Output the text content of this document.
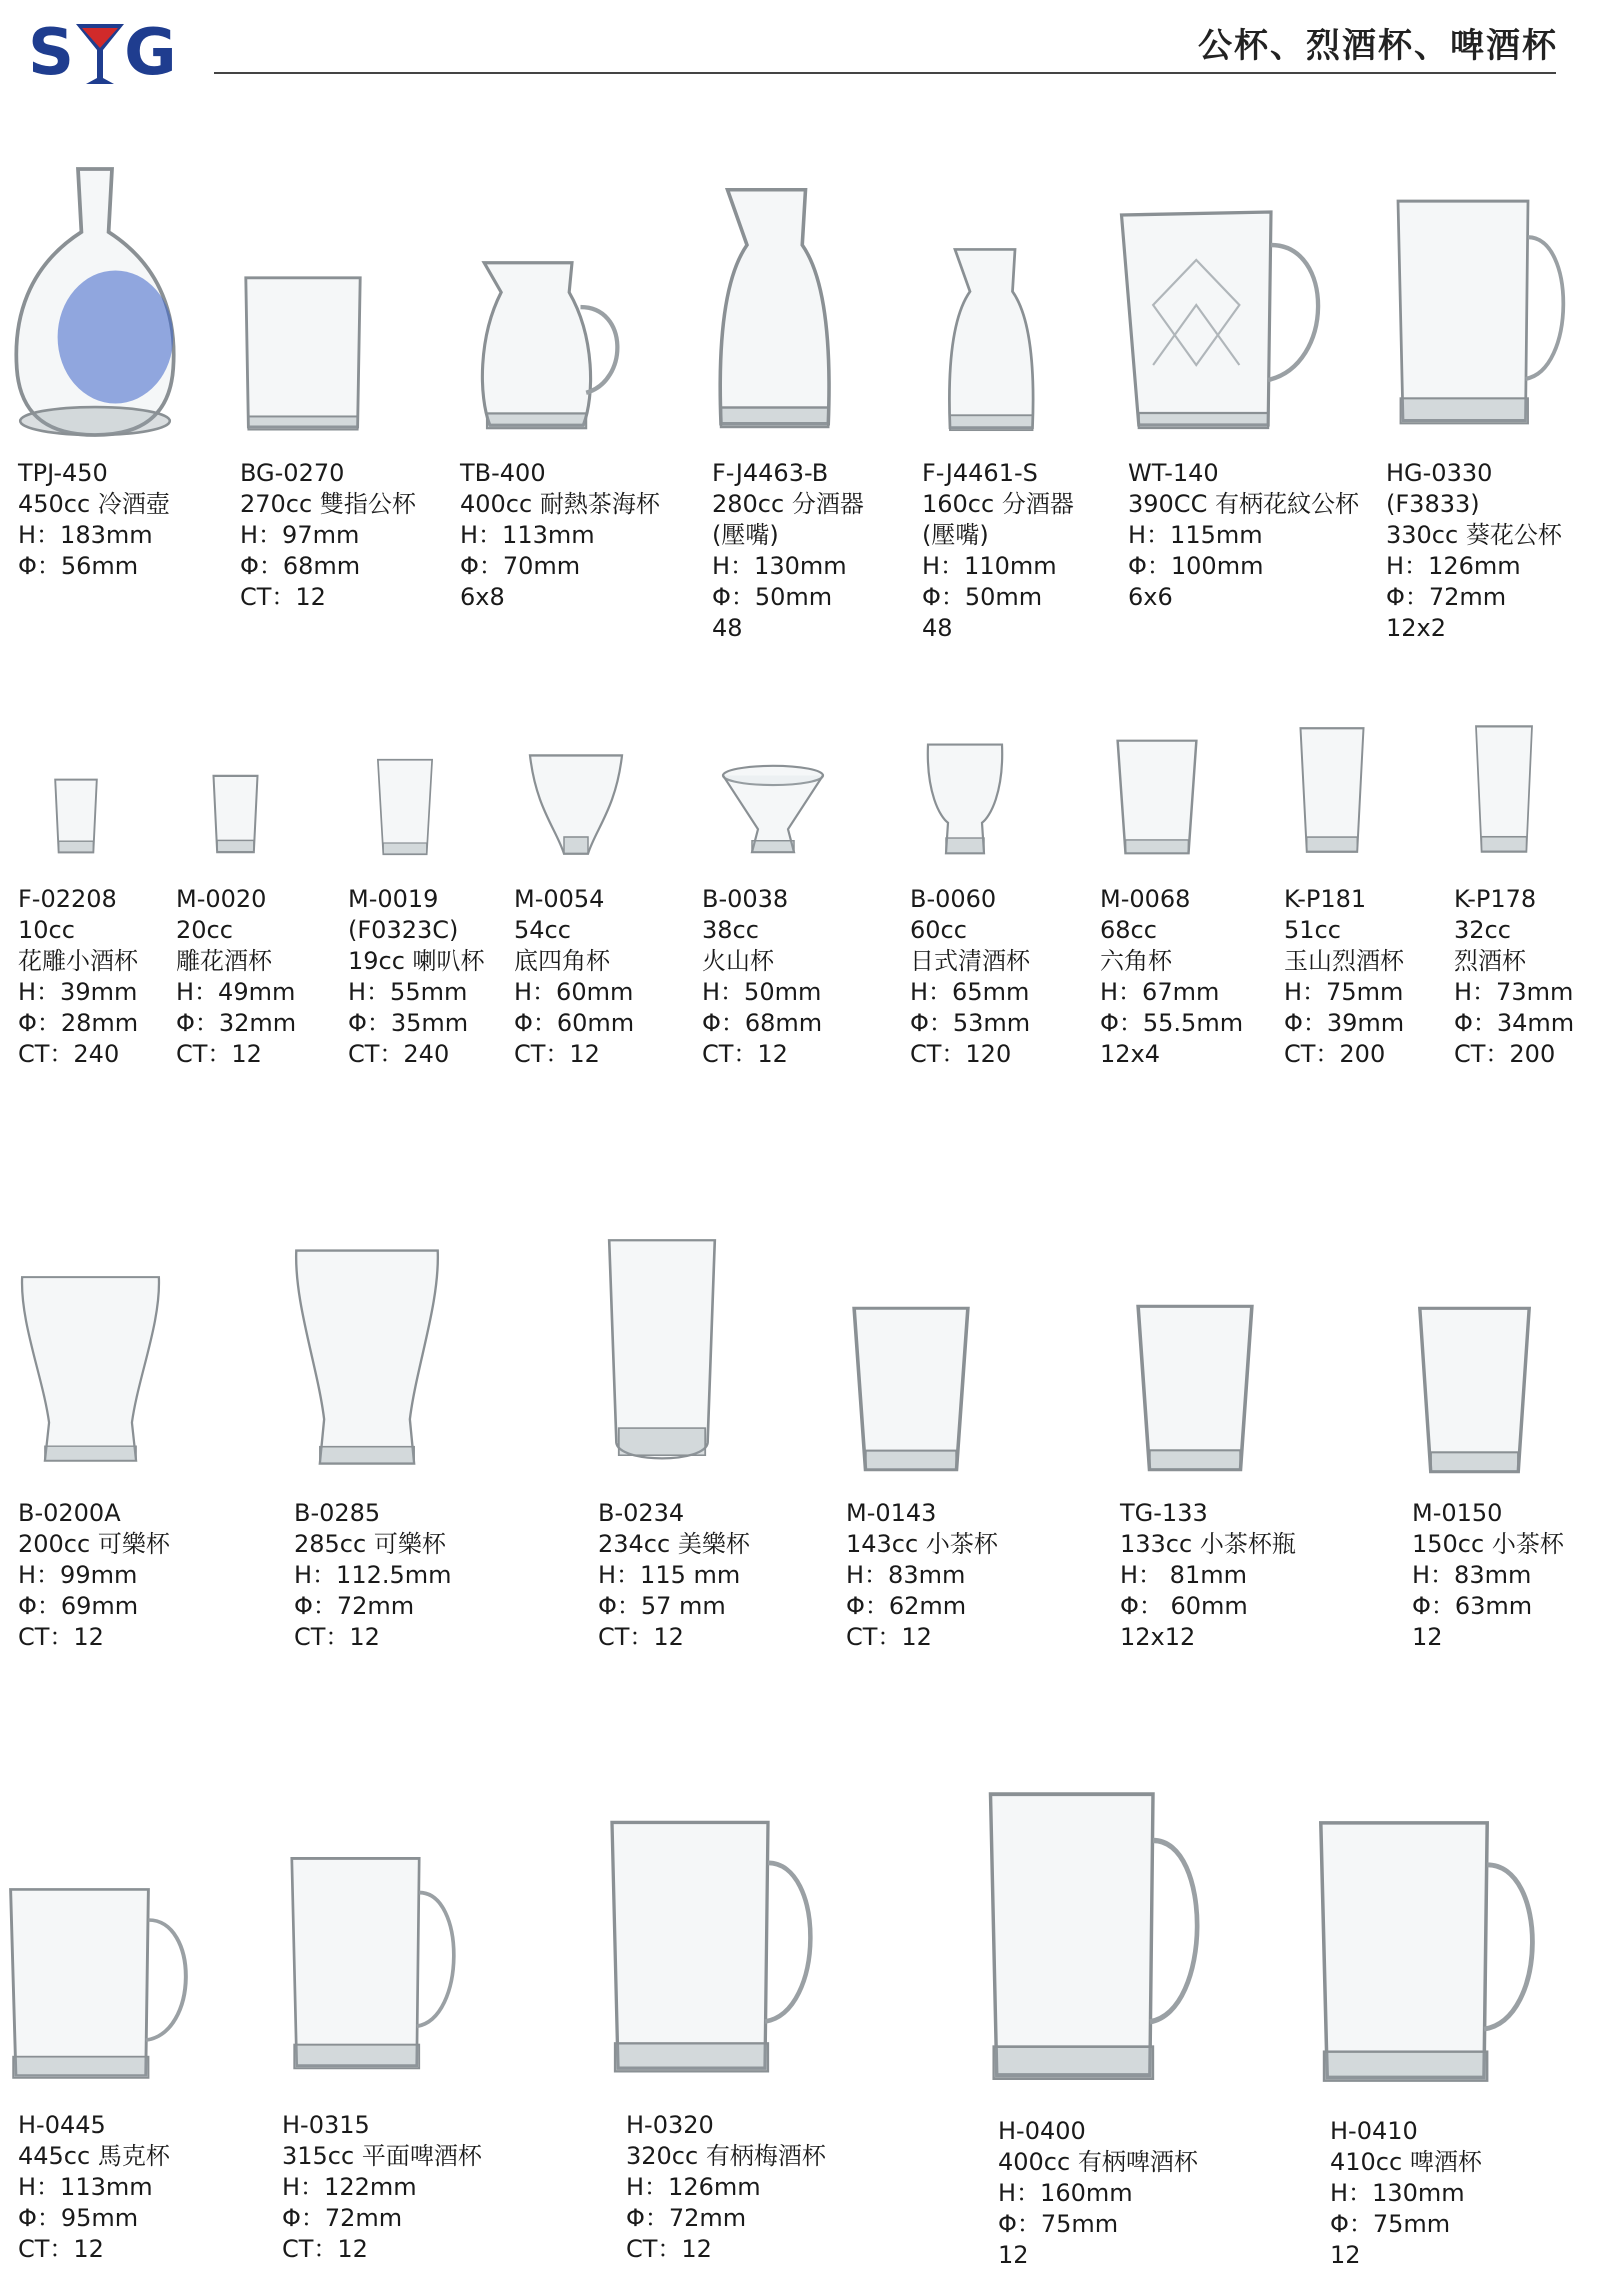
S G	公杯、烈酒杯、啤酒杯
TPJ-450
450cc 冷酒壺
H：183mm
Φ：56mm
BG-0270
270cc 雙指公杯
H：97mm
Φ：68mm
CT：12
TB-400
400cc 耐熱茶海杯
H：113mm
Φ：70mm
6x8
F-J4463-B
280cc 分酒器
(壓嘴)
H：130mm
Φ：50mm
48
F-J4461-S
160cc 分酒器
(壓嘴)
H：110mm
Φ：50mm
48
WT-140
390CC 有柄花紋公杯
H：115mm
Φ：100mm
6x6
HG-0330
(F3833)
330cc 葵花公杯
H：126mm
Φ：72mm
12x2
F-02208
10cc
花雕小酒杯
H：39mm
Φ：28mm
CT：240
M-0020
20cc
雕花酒杯
H：49mm
Φ：32mm
CT：12
M-0019
(F0323C)
19cc 喇叭杯
H：55mm
Φ：35mm
CT：240
M-0054
54cc
底四角杯
H：60mm
Φ：60mm
CT：12
B-0038
38cc
火山杯
H：50mm
Φ：68mm
CT：12
B-0060
60cc
日式清酒杯
H：65mm
Φ：53mm
CT：120
M-0068
68cc
六角杯
H：67mm
Φ：55.5mm
12x4
K-P181
51cc
玉山烈酒杯
H：75mm
Φ：39mm
CT：200
K-P178
32cc
烈酒杯
H：73mm
Φ：34mm
CT：200
B-0200A
200cc 可樂杯
H：99mm
Φ：69mm
CT：12
B-0285
285cc 可樂杯
H：112.5mm
Φ：72mm
CT：12
B-0234
234cc 美樂杯
H：115 mm
Φ：57 mm
CT：12
M-0143
143cc 小茶杯
H：83mm
Φ：62mm
CT：12
TG-133
133cc 小茶杯瓶
H： 81mm
Φ： 60mm
12x12
M-0150
150cc 小茶杯
H：83mm
Φ：63mm
12
H-0445
445cc 馬克杯
H：113mm
Φ：95mm
CT：12
H-0315
315cc 平面啤酒杯
H：122mm
Φ：72mm
CT：12
H-0320
320cc 有柄梅酒杯
H：126mm
Φ：72mm
CT：12
H-0400
400cc 有柄啤酒杯
H：160mm
Φ：75mm
12
H-0410
410cc 啤酒杯
H：130mm
Φ：75mm
12
